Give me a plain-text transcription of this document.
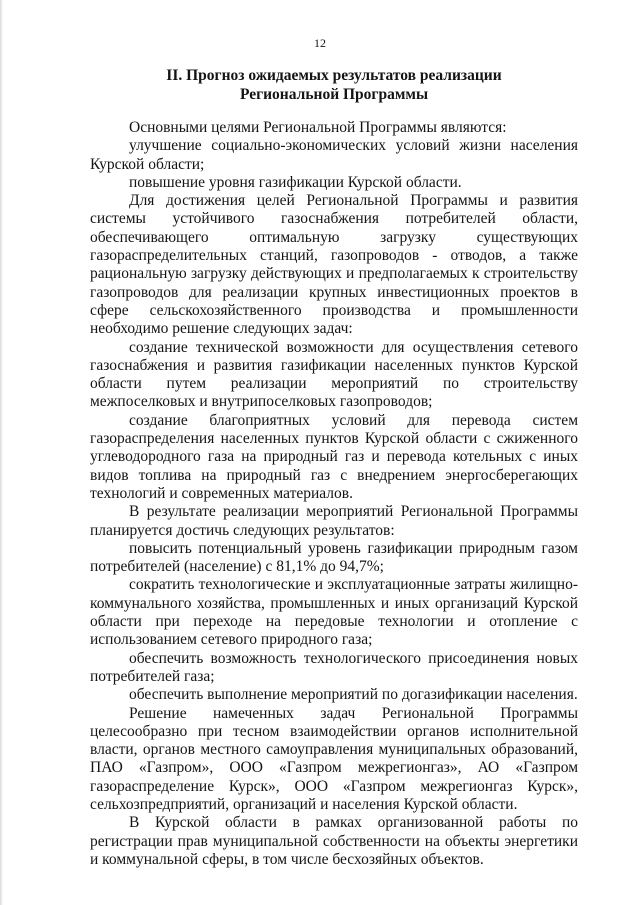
12
II. Прогноз ожидаемых результатов реализации
Региональной Программы

Основными целями Региональной Программы являются:

улучшение социально-экономических условий жизни населения Курской области;

повышение уровня газификации Курской области.

Для достижения целей Региональной Программы и развития системы устойчивого газоснабжения потребителей области, обеспечивающего оптимальную загрузку существующих газораспределительных станций, газопроводов - отводов, а также рациональную загрузку действующих и предполагаемых к строительству газопроводов для реализации крупных инвестиционных проектов в сфере сельскохозяйственного производства и промышленности необходимо решение следующих задач:

создание технической возможности для осуществления сетевого газоснабжения и развития газификации населенных пунктов Курской области путем реализации мероприятий по строительству межпоселковых и внутрипоселковых газопроводов;

создание благоприятных условий для перевода систем газораспределения населенных пунктов Курской области с сжиженного углеводородного газа на природный газ и перевода котельных с иных видов топлива на природный газ с внедрением энергосберегающих технологий и современных материалов.

В результате реализации мероприятий Региональной Программы планируется достичь следующих результатов:

повысить потенциальный уровень газификации природным газом потребителей (население) с 81,1% до 94,7%;

сократить технологические и эксплуатационные затраты жилищно-коммунального хозяйства, промышленных и иных организаций Курской области при переходе на передовые технологии и отопление с использованием сетевого природного газа;

обеспечить возможность технологического присоединения новых потребителей газа;

обеспечить выполнение мероприятий по догазификации населения.

Решение намеченных задач Региональной Программы целесообразно при тесном взаимодействии органов исполнительной власти, органов местного самоуправления муниципальных образований, ПАО «Газпром», ООО «Газпром межрегионгаз», АО «Газпром газораспределение Курск», ООО «Газпром межрегионгаз Курск», сельхозпредприятий, организаций и населения Курской области.

В Курской области в рамках организованной работы по регистрации прав муниципальной собственности на объекты энергетики и коммунальной сферы, в том числе бесхозяйных объектов.
